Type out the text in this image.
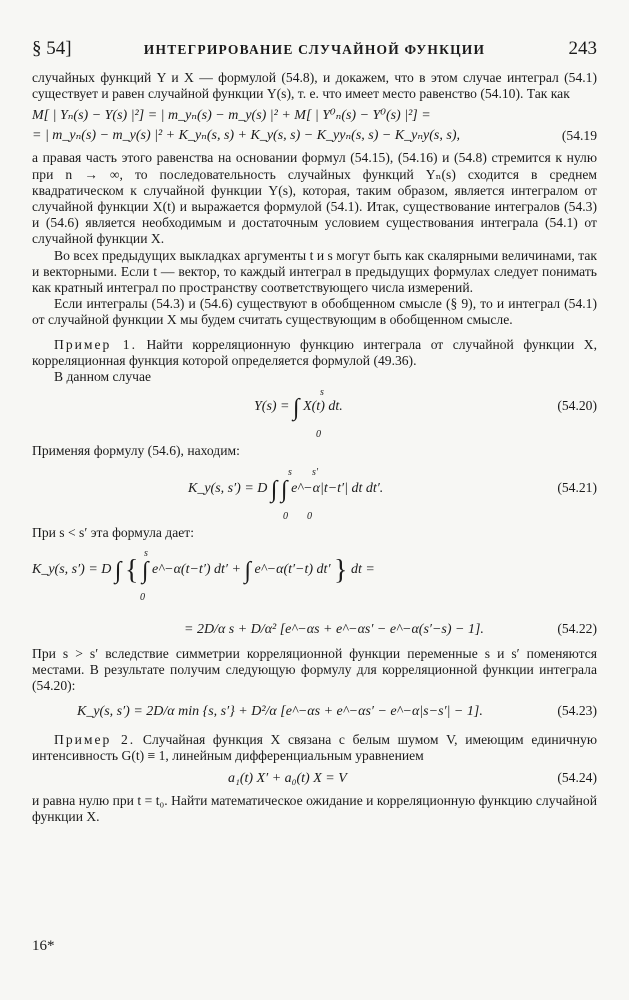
§ 54]	ИНТЕГРИРОВАНИЕ СЛУЧАЙНОЙ ФУНКЦИИ	243

случайных функций Y и X — формулой (54.8), и докажем, что в этом случае интеграл (54.1) существует и равен случайной функции Y(s), т. е. что имеет место равенство (54.10). Так как

M[ | Yₙ(s) − Y(s) |²] = | m_yₙ(s) − m_y(s) |² + M[ | Y⁰ₙ(s) − Y⁰(s) |²] =
= | m_yₙ(s) − m_y(s) |² + K_yₙ(s, s) + K_y(s, s) − K_yyₙ(s, s) − K_yₙy(s, s),	(54.19

а правая часть этого равенства на основании формул (54.15), (54.16) и (54.8) стремится к нулю при n → ∞, то последовательность случайных функций Yₙ(s) сходится в среднем квадратическом к случайной функции Y(s), которая, таким образом, является интегралом от случайной функции X(t) и выражается формулой (54.1). Итак, существование интегралов (54.3) и (54.6) является необходимым и достаточным условием существования интеграла (54.1) от случайной функции X.

Во всех предыдущих выкладках аргументы t и s могут быть как скалярными величинами, так и векторными. Если t — вектор, то каждый интеграл в предыдущих формулах следует понимать как кратный интеграл по пространству соответствующего числа измерений.

Если интегралы (54.3) и (54.6) существуют в обобщенном смысле (§ 9), то и интеграл (54.1) от случайной функции X мы будем считать существующим в обобщенном смысле.

Пример 1. Найти корреляционную функцию интеграла от случайной функции X, корреляционная функция которой определяется формулой (49.36).

В данном случае

Y(s) = ∫ X(t) dt.
s
0
(54.20)

Применяя формулу (54.6), находим:

K_y(s, s′) = D ∫ ∫ e^−α|t−t′| dt dt′.
s s′
0 0
(54.21)

При s < s′ эта формула дает:

K_y(s, s′) = D ∫ { ∫ e^−α(t−t′) dt′ + ∫ e^−α(t′−t) dt′ } dt =
s
0
= 2D/α s + D/α² [e^−αs + e^−αs′ − e^−α(s′−s) − 1].	(54.22)

При s > s′ вследствие симметрии корреляционной функции переменные s и s′ поменяются местами. В результате получим следующую формулу для корреляционной функции интеграла (54.20):

K_y(s, s′) = 2D/α min {s, s′} + D²/α [e^−αs + e^−αs′ − e^−α|s−s′| − 1].	(54.23)

Пример 2. Случайная функция X связана с белым шумом V, имеющим единичную интенсивность G(t) ≡ 1, линейным дифференциальным уравнением

a₁(t) X′ + a₀(t) X = V	(54.24)

и равна нулю при t = t₀. Найти математическое ожидание и корреляционную функцию случайной функции X.

16*
